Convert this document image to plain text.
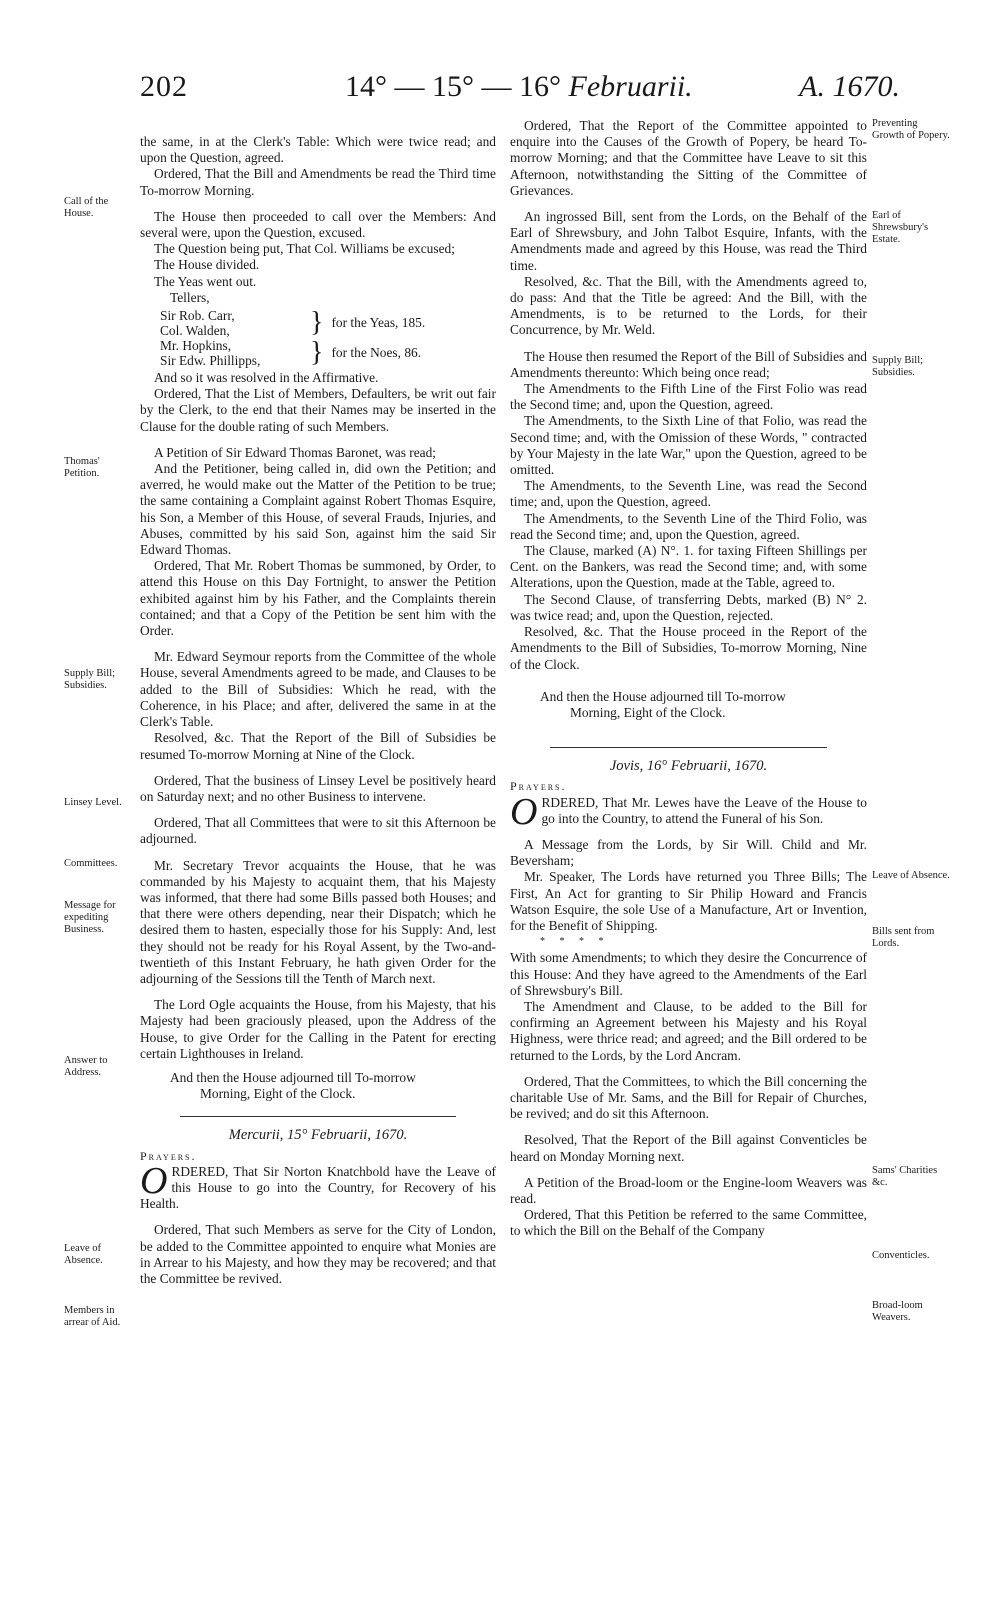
202	14° — 15° — 16° Februarii.	A. 1670.
Call of the House.
Thomas' Petition.
Supply Bill; Subsidies.
Linsey Level.
Committees.
Message for expediting Business.
Answer to Address.
Leave of Absence.
Members in arrear of Aid.
Preventing Growth of Popery.
Earl of Shrewsbury's Estate.
Supply Bill; Subsidies.
Leave of Absence.
Bills sent from Lords.
Sams' Charities &c.
Conventicles.
Broad-loom Weavers.

the same, in at the Clerk's Table: Which were twice read; and upon the Question, agreed.

Ordered, That the Bill and Amendments be read the Third time To-morrow Morning.

The House then proceeded to call over the Members: And several were, upon the Question, excused.

The Question being put, That Col. Williams be excused;

The House divided.

The Yeas went out.

Tellers,

Sir Rob. Carr,
Col. Walden,	} for the Yeas, 185.
Mr. Hopkins,
Sir Edw. Phillipps,	} for the Noes, 86.

And so it was resolved in the Affirmative.

Ordered, That the List of Members, Defaulters, be writ out fair by the Clerk, to the end that their Names may be inserted in the Clause for the double rating of such Members.

A Petition of Sir Edward Thomas Baronet, was read;

And the Petitioner, being called in, did own the Petition; and averred, he would make out the Matter of the Petition to be true; the same containing a Complaint against Robert Thomas Esquire, his Son, a Member of this House, of several Frauds, Injuries, and Abuses, committed by his said Son, against him the said Sir Edward Thomas.

Ordered, That Mr. Robert Thomas be summoned, by Order, to attend this House on this Day Fortnight, to answer the Petition exhibited against him by his Father, and the Complaints therein contained; and that a Copy of the Petition be sent him with the Order.

Mr. Edward Seymour reports from the Committee of the whole House, several Amendments agreed to be made, and Clauses to be added to the Bill of Subsidies: Which he read, with the Coherence, in his Place; and after, delivered the same in at the Clerk's Table.

Resolved, &c. That the Report of the Bill of Subsidies be resumed To-morrow Morning at Nine of the Clock.

Ordered, That the business of Linsey Level be positively heard on Saturday next; and no other Business to intervene.

Ordered, That all Committees that were to sit this Afternoon be adjourned.

Mr. Secretary Trevor acquaints the House, that he was commanded by his Majesty to acquaint them, that his Majesty was informed, that there had some Bills passed both Houses; and that there were others depending, near their Dispatch; which he desired them to hasten, especially those for his Supply: And, lest they should not be ready for his Royal Assent, by the Two-and-twentieth of this Instant February, he hath given Order for the adjourning of the Sessions till the Tenth of March next.

The Lord Ogle acquaints the House, from his Majesty, that his Majesty had been graciously pleased, upon the Address of the House, to give Order for the Calling in the Patent for erecting certain Lighthouses in Ireland.

And then the House adjourned till To-morrow

Morning, Eight of the Clock.

Mercurii, 15° Februarii, 1670.

Prayers.

ORDERED, That Sir Norton Knatchbold have the Leave of this House to go into the Country, for Recovery of his Health.

Ordered, That such Members as serve for the City of London, be added to the Committee appointed to enquire what Monies are in Arrear to his Majesty, and how they may be recovered; and that the Committee be revived.

Ordered, That the Report of the Committee appointed to enquire into the Causes of the Growth of Popery, be heard To-morrow Morning; and that the Committee have Leave to sit this Afternoon, notwithstanding the Sitting of the Committee of Grievances.

An ingrossed Bill, sent from the Lords, on the Behalf of the Earl of Shrewsbury, and John Talbot Esquire, Infants, with the Amendments made and agreed by this House, was read the Third time.

Resolved, &c. That the Bill, with the Amendments agreed to, do pass: And that the Title be agreed: And the Bill, with the Amendments, is to be returned to the Lords, for their Concurrence, by Mr. Weld.

The House then resumed the Report of the Bill of Subsidies and Amendments thereunto: Which being once read;

The Amendments to the Fifth Line of the First Folio was read the Second time; and, upon the Question, agreed.

The Amendments, to the Sixth Line of that Folio, was read the Second time; and, with the Omission of these Words, " contracted by Your Majesty in the late War," upon the Question, agreed to be omitted.

The Amendments, to the Seventh Line, was read the Second time; and, upon the Question, agreed.

The Amendments, to the Seventh Line of the Third Folio, was read the Second time; and, upon the Question, agreed.

The Clause, marked (A) N°. 1. for taxing Fifteen Shillings per Cent. on the Bankers, was read the Second time; and, with some Alterations, upon the Question, made at the Table, agreed to.

The Second Clause, of transferring Debts, marked (B) N° 2. was twice read; and, upon the Question, rejected.

Resolved, &c. That the House proceed in the Report of the Amendments to the Bill of Subsidies, To-morrow Morning, Nine of the Clock.

And then the House adjourned till To-morrow

Morning, Eight of the Clock.

Jovis, 16° Februarii, 1670.

Prayers.

ORDERED, That Mr. Lewes have the Leave of the House to go into the Country, to attend the Funeral of his Son.

A Message from the Lords, by Sir Will. Child and Mr. Beversham;

Mr. Speaker, The Lords have returned you Three Bills; The First, An Act for granting to Sir Philip Howard and Francis Watson Esquire, the sole Use of a Manufacture, Art or Invention, for the Benefit of Shipping.

* * * *

With some Amendments; to which they desire the Concurrence of this House: And they have agreed to the Amendments of the Earl of Shrewsbury's Bill.

The Amendment and Clause, to be added to the Bill for confirming an Agreement between his Majesty and his Royal Highness, were thrice read; and agreed; and the Bill ordered to be returned to the Lords, by the Lord Ancram.

Ordered, That the Committees, to which the Bill concerning the charitable Use of Mr. Sams, and the Bill for Repair of Churches, be revived; and do sit this Afternoon.

Resolved, That the Report of the Bill against Conventicles be heard on Monday Morning next.

A Petition of the Broad-loom or the Engine-loom Weavers was read.

Ordered, That this Petition be referred to the same Committee, to which the Bill on the Behalf of the Company
